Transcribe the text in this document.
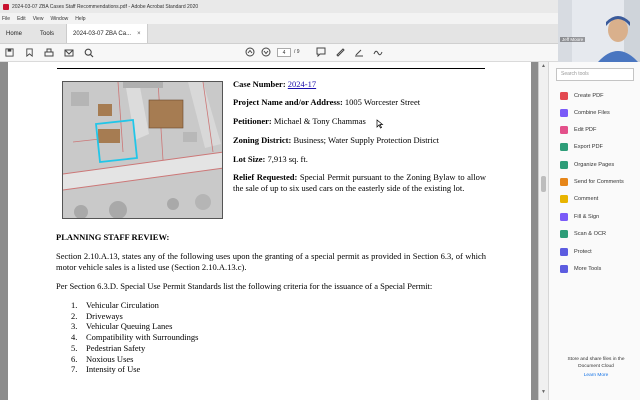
2024-03-07 ZBA Cases Staff Recommendations.pdf - Adobe Acrobat Standard 2020
File Edit View Window Help
Home	Tools	2024-03-07 ZBA Ca... ×
4	/ 9
Case Number: 2024-17
Project Name and/or Address: 1005 Worcester Street
Petitioner: Michael & Tony Chammas
Zoning District: Business; Water Supply Protection District
Lot Size: 7,913 sq. ft.
Relief Requested: Special Permit pursuant to the Zoning Bylaw to allow the sale of up to six used cars on the easterly side of the existing lot.
PLANNING STAFF REVIEW:
Section 2.10.A.13, states any of the following uses upon the granting of a special permit as provided in Section 6.3, of which motor vehicle sales is a listed use (Section 2.10.A.13.c).
Per Section 6.3.D. Special Use Permit Standards list the following criteria for the issuance of a Special Permit:
1.	Vehicular Circulation
2.	Driveways
3.	Vehicular Queuing Lanes
4.	Compatibility with Surroundings
5.	Pedestrian Safety
6.	Noxious Uses
7.	Intensity of Use
▲
▼
Search tools
Create PDF
Combine Files
Edit PDF
Export PDF
Organize Pages
Send for Comments
Comment
Fill & Sign
Scan & OCR
Protect
More Tools
Store and share files in the Document Cloud
Learn More
Jeff Moore
